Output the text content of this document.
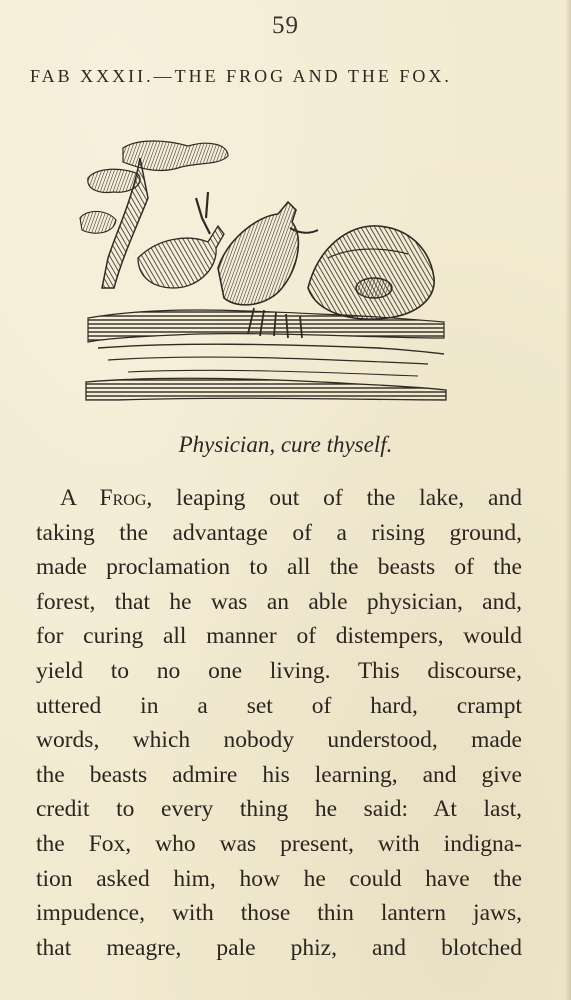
59
FAB XXXII.—THE FROG AND THE FOX.
Physician, cure thyself.
A Frog, leaping out of the lake, and
taking the advantage of a rising ground,
made proclamation to all the beasts of the
forest, that he was an able physician, and,
for curing all manner of distempers, would
yield to no one living. This discourse,
uttered in a set of hard, crampt
words, which nobody understood, made
the beasts admire his learning, and give
credit to every thing he said: At last,
the Fox, who was present, with indigna-
tion asked him, how he could have the
impudence, with those thin lantern jaws,
that meagre, pale phiz, and blotched
